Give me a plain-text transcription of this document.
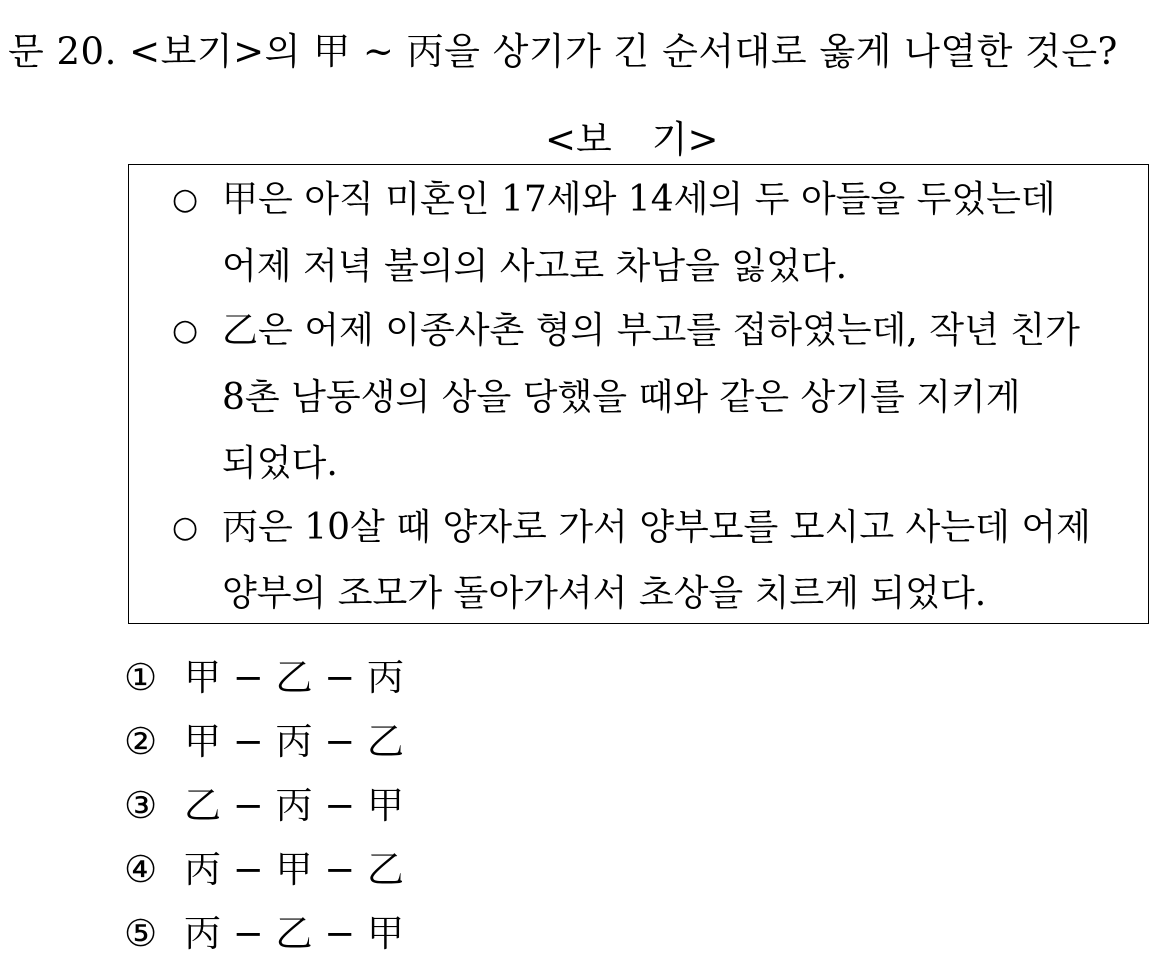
문 20. <보기>의 甲 ~ 丙을 상기가 긴 순서대로 옳게 나열한 것은?
<보 기>
○ 甲은 아직 미혼인 17세와 14세의 두 아들을 두었는데
어제 저녁 불의의 사고로 차남을 잃었다.
○ 乙은 어제 이종사촌 형의 부고를 접하였는데, 작년 친가
8촌 남동생의 상을 당했을 때와 같은 상기를 지키게
되었다.
○ 丙은 10살 때 양자로 가서 양부모를 모시고 사는데 어제
양부의 조모가 돌아가셔서 초상을 치르게 되었다.
① 甲 − 乙 − 丙
② 甲 − 丙 − 乙
③ 乙 − 丙 − 甲
④ 丙 − 甲 − 乙
⑤ 丙 − 乙 − 甲
